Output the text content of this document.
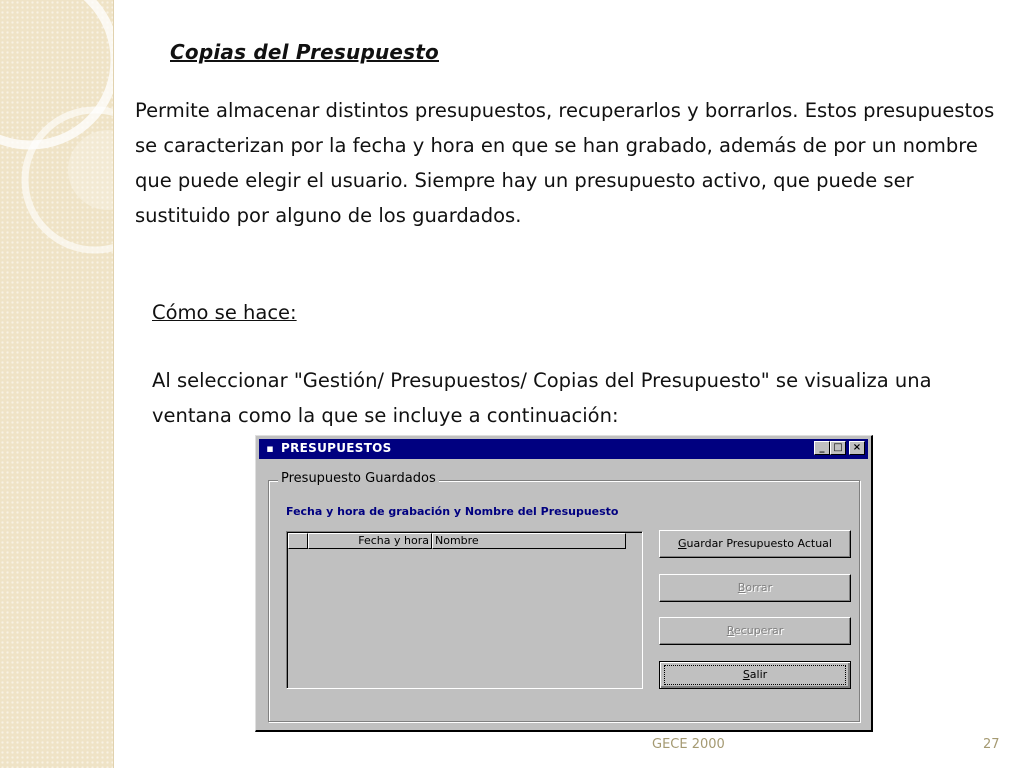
Copias del Presupuesto
Permite almacenar distintos presupuestos, recuperarlos y borrarlos. Estos presupuestos se caracterizan por la fecha y hora en que se han grabado, además de por un nombre que puede elegir el usuario. Siempre hay un presupuesto activo, que puede ser sustituido por alguno de los guardados.
Cómo se hace:
Al seleccionar "Gestión/ Presupuestos/ Copias del Presupuesto" se visualiza una ventana como la que se incluye a continuación:
▪ PRESUPUESTOS	_ □	×
Presupuesto Guardados
Fecha y hora de grabación y Nombre del Presupuesto
Fecha y hora Nombre	Guardar Presupuesto Actual
Borrar
Recuperar
Salir
GECE 2000	27
